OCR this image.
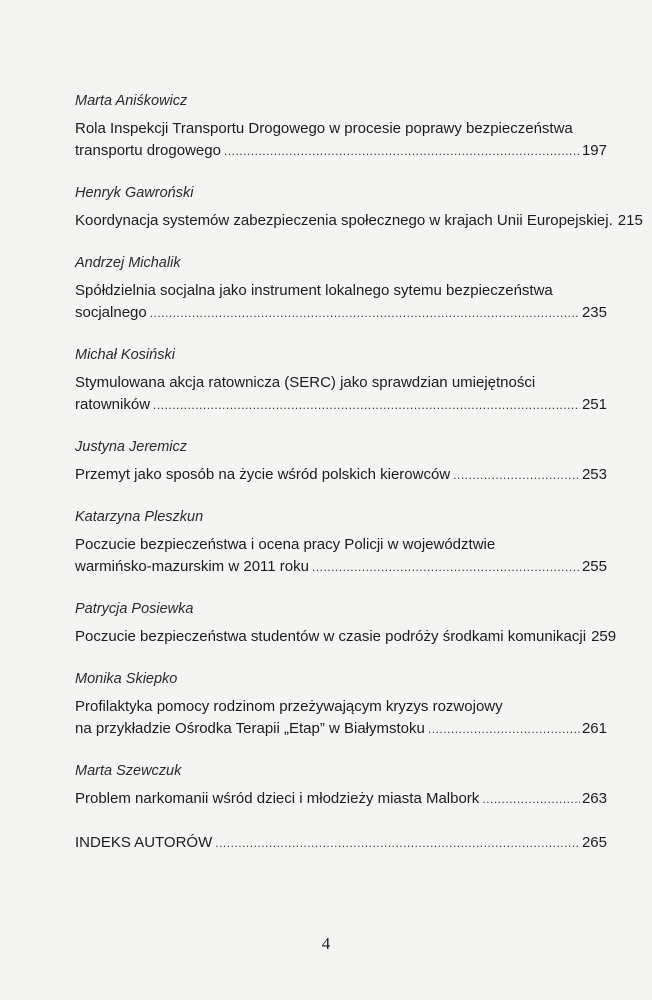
Marta Aniśkowicz
Rola Inspekcji Transportu Drogowego w procesie poprawy bezpieczeństwa
transportu drogowego .....	197
Henryk Gawroński
Koordynacja systemów zabezpieczenia społecznego w krajach Unii Europejskiej. 215
Andrzej Michalik
Spółdzielnia socjalna jako instrument lokalnego sytemu bezpieczeństwa
socjalnego .....	235
Michał Kosiński
Stymulowana akcja ratownicza (SERC) jako sprawdzian umiejętności
ratowników .....	251
Justyna Jeremicz
Przemyt jako sposób na życie wśród polskich kierowców .....	253
Katarzyna Pleszkun
Poczucie bezpieczeństwa i ocena pracy Policji w województwie
warmińsko-mazurskim w 2011 roku .....	255
Patrycja Posiewka
Poczucie bezpieczeństwa studentów w czasie podróży środkami komunikacji 259
Monika Skiepko
Profilaktyka pomocy rodzinom przeżywającym kryzys rozwojowy
na przykładzie Ośrodka Terapii „Etap” w Białymstoku .....	261
Marta Szewczuk
Problem narkomanii wśród dzieci i młodzieży miasta Malbork .....	263
INDEKS AUTORÓW .....	265
4
